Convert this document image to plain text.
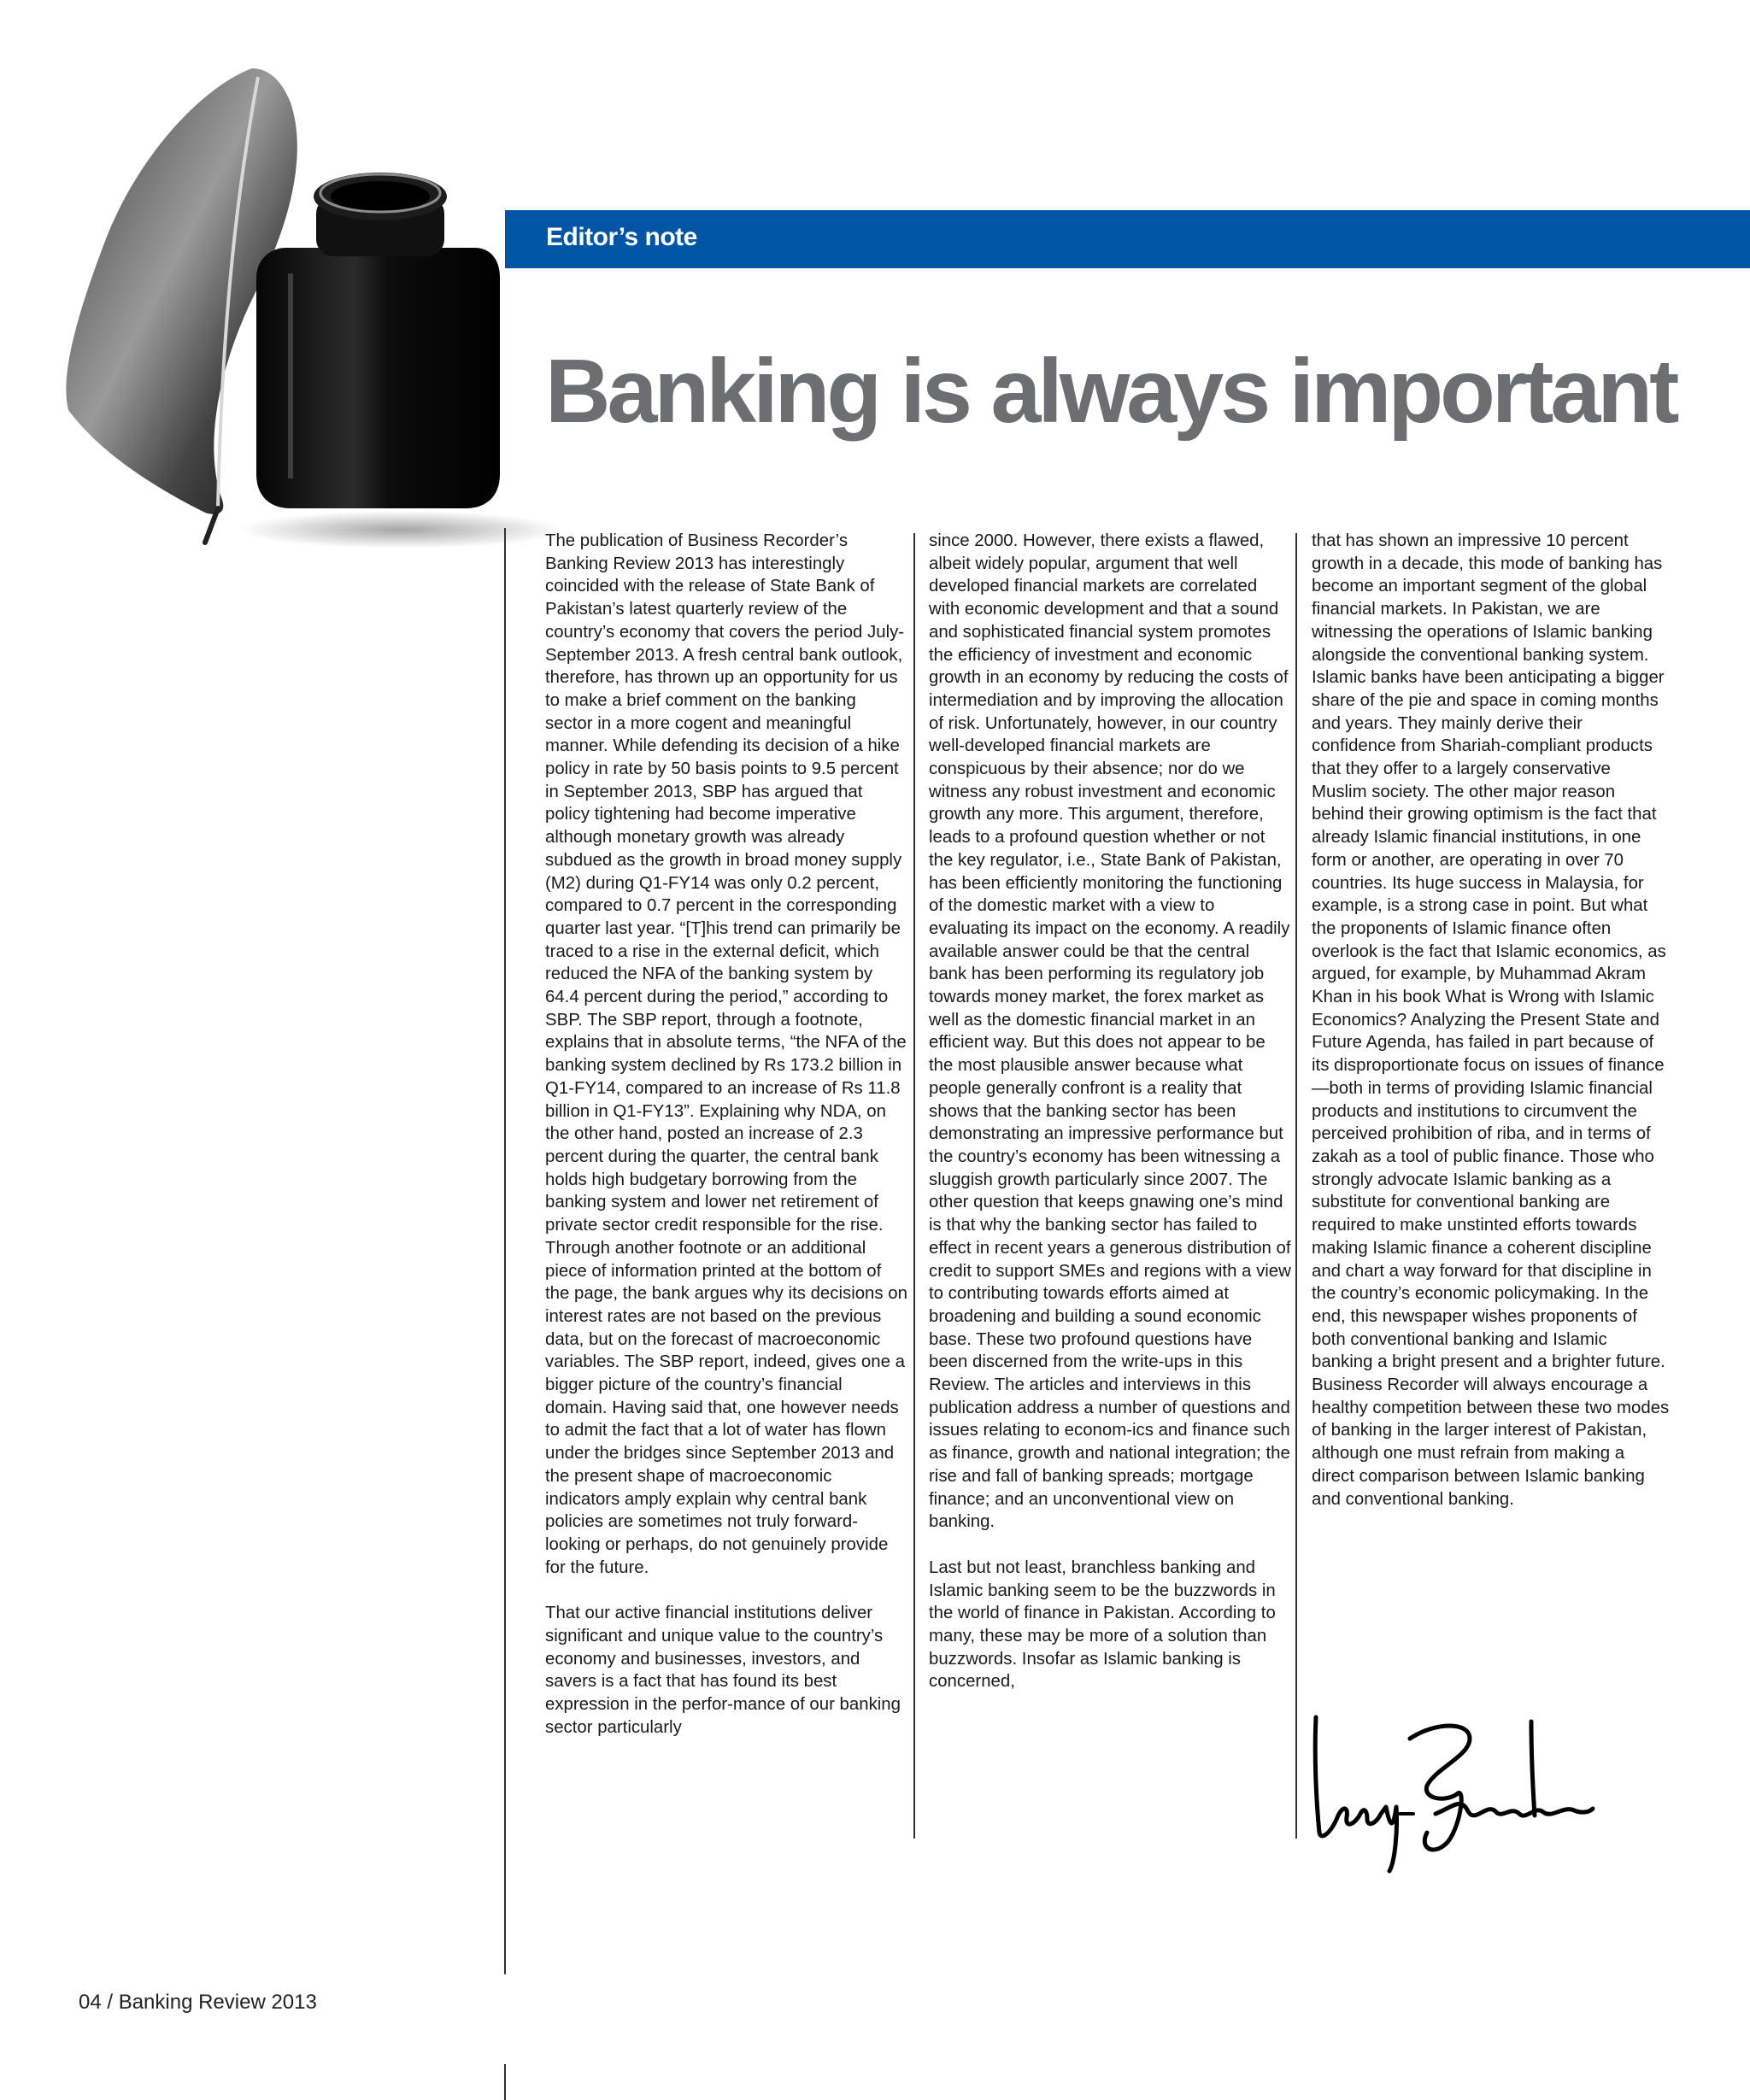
Editor’s note
Banking is always important

The publication of Business Recorder’s Banking Review 2013 has interestingly coincided with the release of State Bank of Pakistan’s latest quarterly review of the country’s economy that covers the period July-September 2013. A fresh central bank outlook, therefore, has thrown up an opportunity for us to make a brief comment on the banking sector in a more cogent and meaningful manner. While defending its decision of a hike policy in rate by 50 basis points to 9.5 percent in September 2013, SBP has argued that policy tightening had become imperative although monetary growth was already subdued as the growth in broad money supply (M2) during Q1-FY14 was only 0.2 percent, compared to 0.7 percent in the corresponding quarter last year. “[T]his trend can primarily be traced to a rise in the external deficit, which reduced the NFA of the banking system by 64.4 percent during the period,” according to SBP. The SBP report, through a footnote, explains that in absolute terms, “the NFA of the banking system declined by Rs 173.2 billion in Q1-FY14, compared to an increase of Rs 11.8 billion in Q1-FY13”. Explaining why NDA, on the other hand, posted an increase of 2.3 percent during the quarter, the central bank holds high budgetary borrowing from the banking system and lower net retirement of private sector credit responsible for the rise. Through another footnote or an additional piece of information printed at the bottom of the page, the bank argues why its decisions on interest rates are not based on the previous data, but on the forecast of macroeconomic variables. The SBP report, indeed, gives one a bigger picture of the country’s financial domain. Having said that, one however needs to admit the fact that a lot of water has flown under the bridges since September 2013 and the present shape of macroeconomic indicators amply explain why central bank policies are sometimes not truly forward-looking or perhaps, do not genuinely provide for the future.

That our active financial institutions deliver significant and unique value to the country’s economy and businesses, investors, and savers is a fact that has found its best expression in the perfor-mance of our banking sector particularly

since 2000. However, there exists a flawed, albeit widely popular, argument that well developed financial markets are correlated with economic development and that a sound and sophisticated financial system promotes the efficiency of investment and economic growth in an economy by reducing the costs of intermediation and by improving the allocation of risk. Unfortunately, however, in our country well-developed financial markets are conspicuous by their absence; nor do we witness any robust investment and economic growth any more. This argument, therefore, leads to a profound question whether or not the key regulator, i.e., State Bank of Pakistan, has been efficiently monitoring the functioning of the domestic market with a view to evaluating its impact on the economy. A readily available answer could be that the central bank has been performing its regulatory job towards money market, the forex market as well as the domestic financial market in an efficient way. But this does not appear to be the most plausible answer because what people generally confront is a reality that shows that the banking sector has been demonstrating an impressive performance but the country’s economy has been witnessing a sluggish growth particularly since 2007. The other question that keeps gnawing one’s mind is that why the banking sector has failed to effect in recent years a generous distribution of credit to support SMEs and regions with a view to contributing towards efforts aimed at broadening and building a sound economic base. These two profound questions have been discerned from the write-ups in this Review. The articles and interviews in this publication address a number of questions and issues relating to econom-ics and finance such as finance, growth and national integration; the rise and fall of banking spreads; mortgage finance; and an unconventional view on banking.

Last but not least, branchless banking and Islamic banking seem to be the buzzwords in the world of finance in Pakistan. According to many, these may be more of a solution than buzzwords. Insofar as Islamic banking is concerned,

that has shown an impressive 10 percent growth in a decade, this mode of banking has become an important segment of the global financial markets. In Pakistan, we are witnessing the operations of Islamic banking alongside the conventional banking system. Islamic banks have been anticipating a bigger share of the pie and space in coming months and years. They mainly derive their confidence from Shariah-compliant products that they offer to a largely conservative Muslim society. The other major reason behind their growing optimism is the fact that already Islamic financial institutions, in one form or another, are operating in over 70 countries. Its huge success in Malaysia, for example, is a strong case in point. But what the proponents of Islamic finance often overlook is the fact that Islamic economics, as argued, for example, by Muhammad Akram Khan in his book What is Wrong with Islamic Economics? Analyzing the Present State and Future Agenda, has failed in part because of its disproportionate focus on issues of finance—both in terms of providing Islamic financial products and institutions to circumvent the perceived prohibition of riba, and in terms of zakah as a tool of public finance. Those who strongly advocate Islamic banking as a substitute for conventional banking are required to make unstinted efforts towards making Islamic finance a coherent discipline and chart a way forward for that discipline in the country’s economic policymaking. In the end, this newspaper wishes proponents of both conventional banking and Islamic banking a bright present and a brighter future. Business Recorder will always encourage a healthy competition between these two modes of banking in the larger interest of Pakistan, although one must refrain from making a direct comparison between Islamic banking and conventional banking.

04 / Banking Review 2013
